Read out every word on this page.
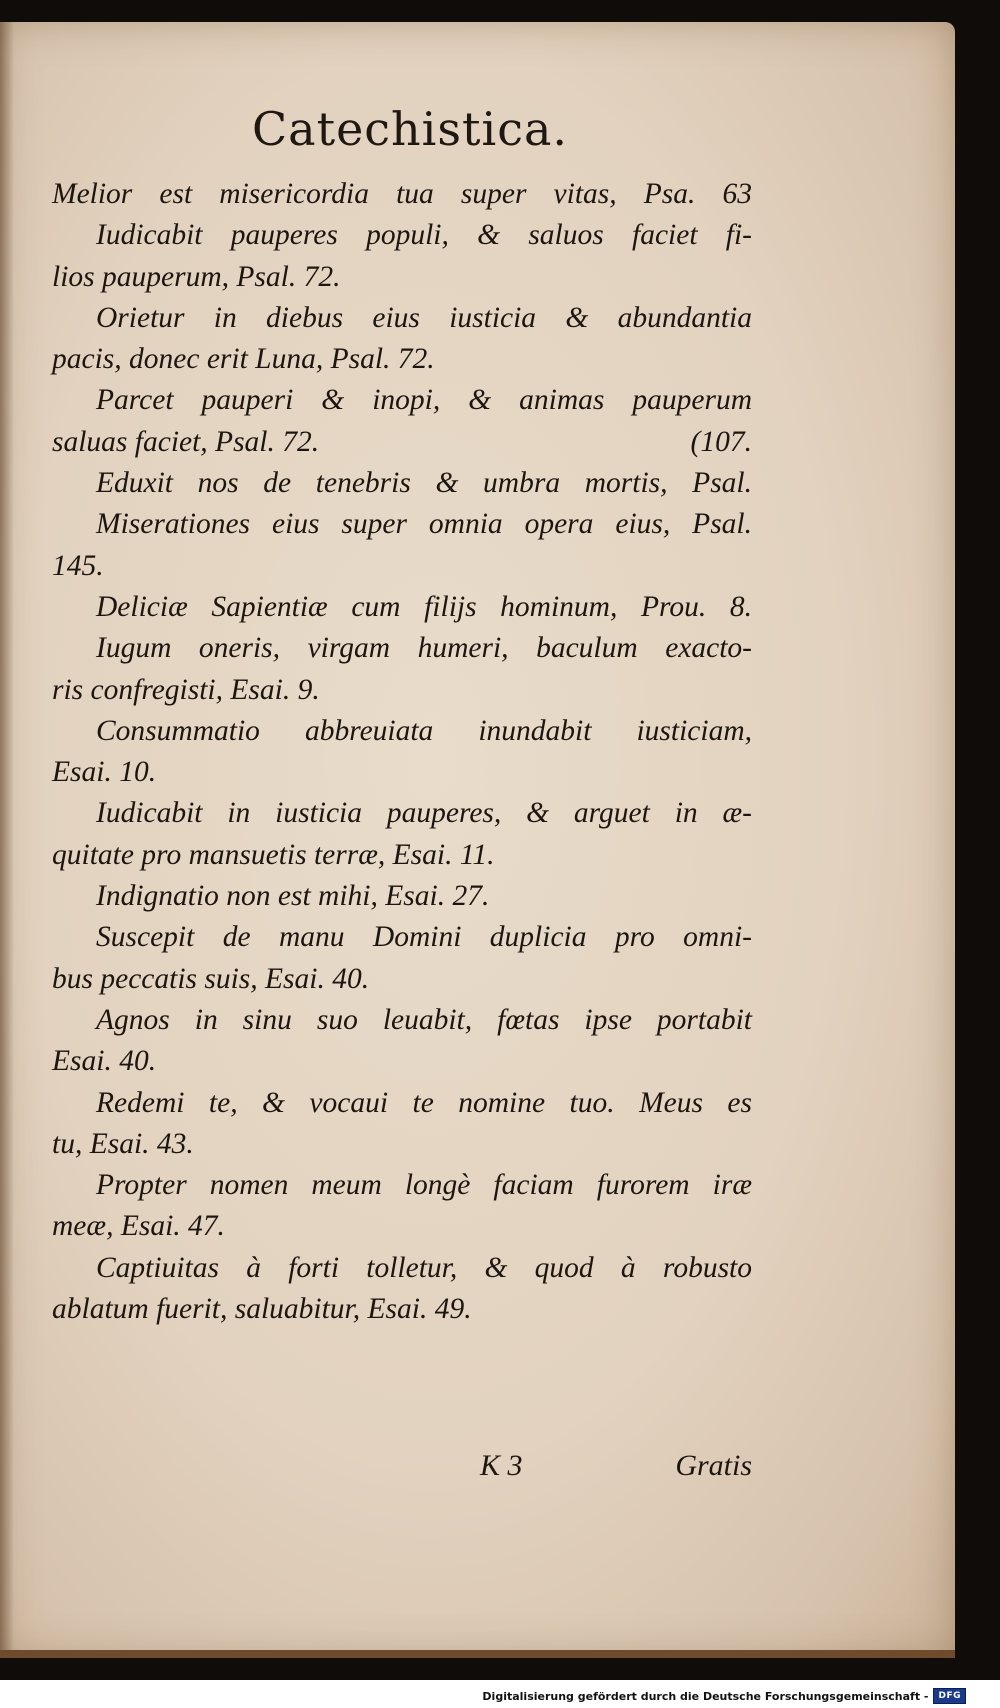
Catechistica.
Melior est misericordia tua super vitas, Psa. 63
Iudicabit pauperes populi, & saluos faciet fi-
lios pauperum, Psal. 72.
Orietur in diebus eius iusticia & abundantia
pacis, donec erit Luna, Psal. 72.
Parcet pauperi & inopi, & animas pauperum
saluas faciet, Psal. 72.	(107.
Eduxit nos de tenebris & umbra mortis, Psal.
Miserationes eius super omnia opera eius, Psal.
145.
Deliciæ Sapientiæ cum filijs hominum, Prou. 8.
Iugum oneris, virgam humeri, baculum exacto-
ris confregisti, Esai. 9.
Consummatio abbreuiata inundabit iusticiam,
Esai. 10.
Iudicabit in iusticia pauperes, & arguet in æ-
quitate pro mansuetis terræ, Esai. 11.
Indignatio non est mihi, Esai. 27.
Suscepit de manu Domini duplicia pro omni-
bus peccatis suis, Esai. 40.
Agnos in sinu suo leuabit, fœtas ipse portabit
Esai. 40.
Redemi te, & vocaui te nomine tuo. Meus es
tu, Esai. 43.
Propter nomen meum longè faciam furorem iræ
meæ, Esai. 47.
Captiuitas à forti tolletur, & quod à robusto
ablatum fuerit, saluabitur, Esai. 49.
K 3	Gratis
Digitalisierung gefördert durch die Deutsche Forschungsgemeinschaft -	DFG
